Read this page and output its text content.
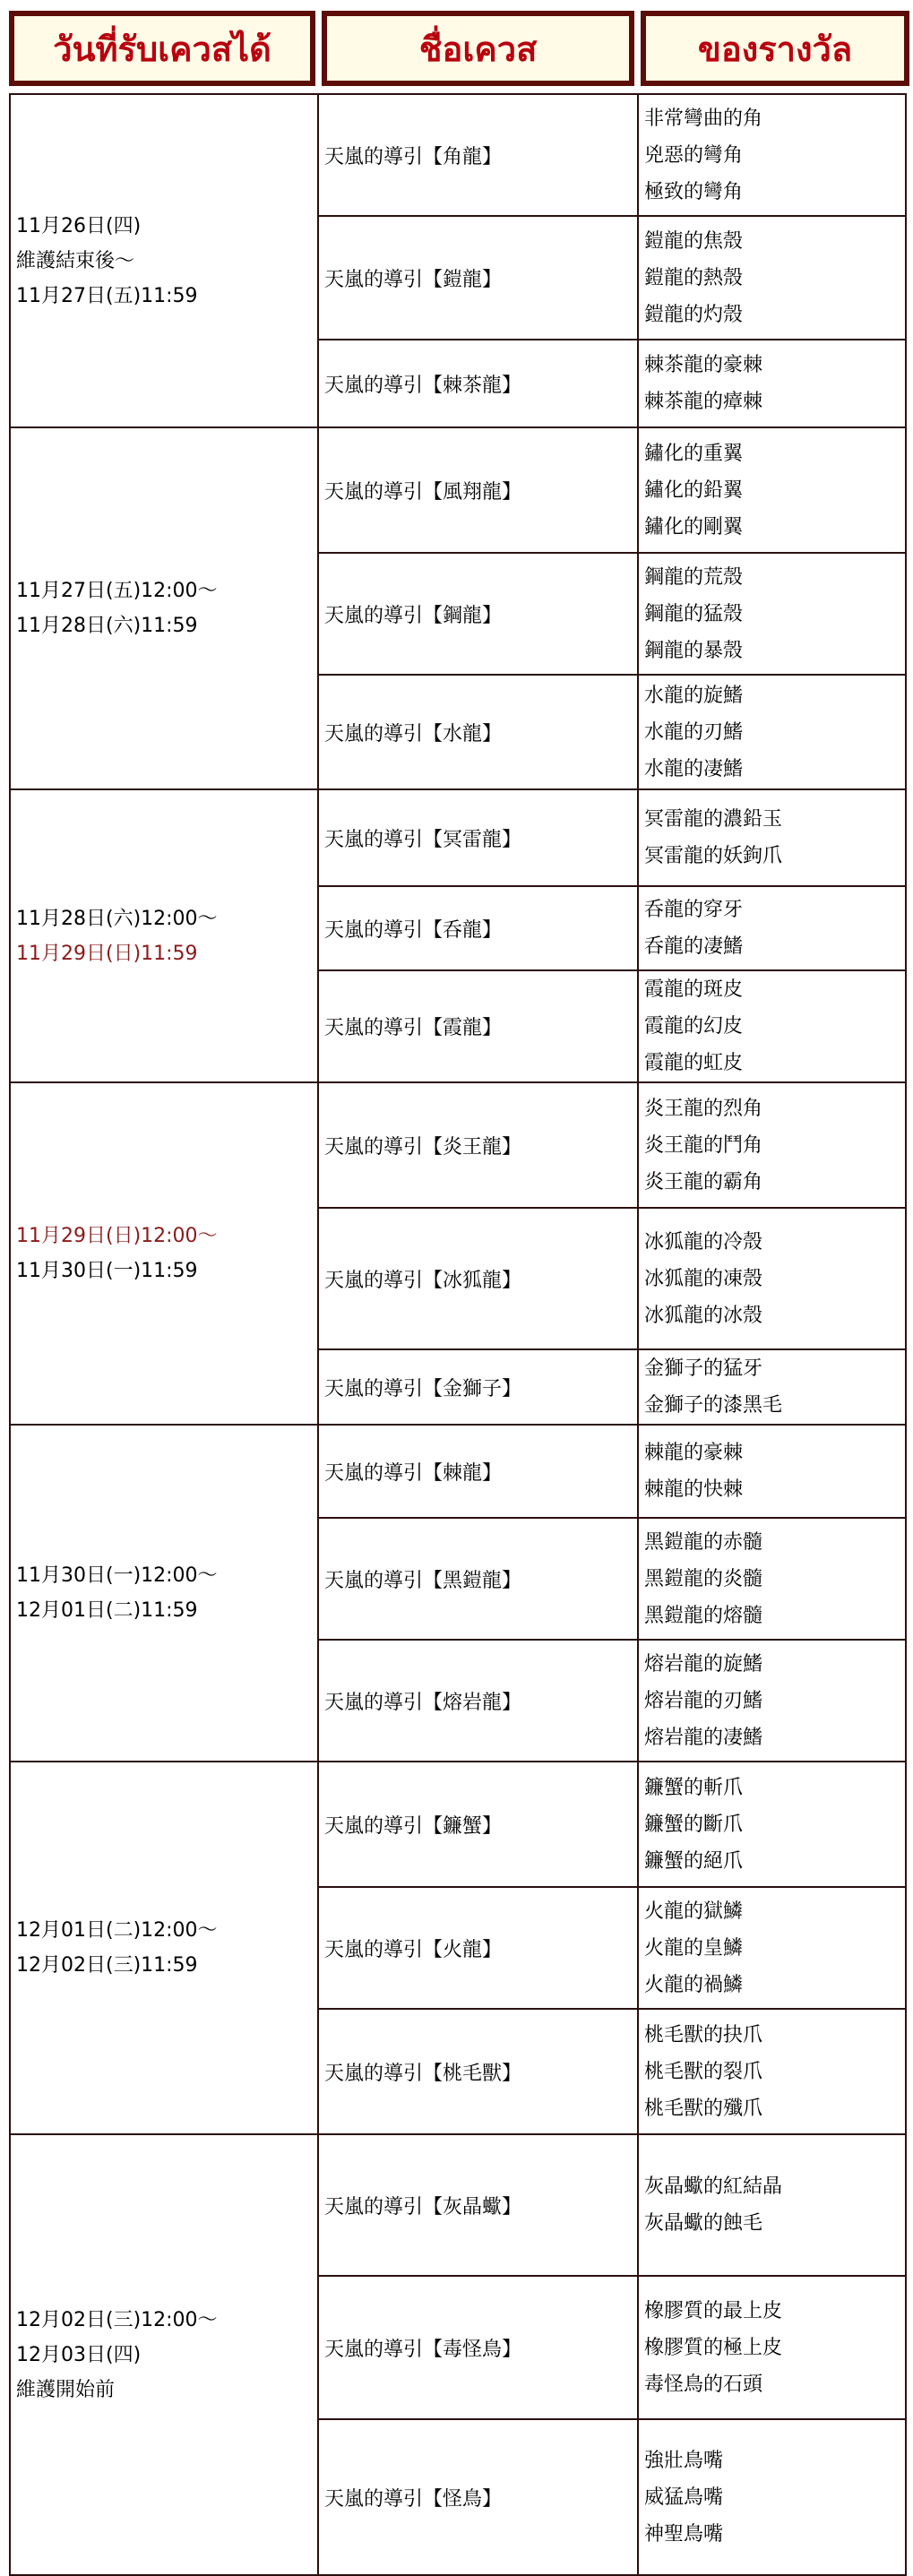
วันที่รับเควสได้	ชื่อเควส	ของรางวัล
11月26日(四)
維護結束後～
11月27日(五)11:59	天嵐的導引【角龍】	非常彎曲的角
兇惡的彎角
極致的彎角

	天嵐的導引【鎧龍】	鎧龍的焦殼
鎧龍的熱殼
鎧龍的灼殼

	天嵐的導引【棘茶龍】	棘茶龍的豪棘
棘茶龍的瘴棘

11月27日(五)12:00～
11月28日(六)11:59	天嵐的導引【風翔龍】	鏽化的重翼
鏽化的鉛翼
鏽化的剛翼

	天嵐的導引【鋼龍】	鋼龍的荒殼
鋼龍的猛殼
鋼龍的暴殼

	天嵐的導引【水龍】	水龍的旋鰭
水龍的刃鰭
水龍的凄鰭

11月28日(六)12:00～
11月29日(日)11:59	天嵐的導引【冥雷龍】	冥雷龍的濃鉛玉
冥雷龍的妖鉤爪

	天嵐的導引【呑龍】	呑龍的穿牙
呑龍的凄鰭

	天嵐的導引【霞龍】	霞龍的斑皮
霞龍的幻皮
霞龍的虹皮

11月29日(日)12:00～
11月30日(一)11:59	天嵐的導引【炎王龍】	炎王龍的烈角
炎王龍的鬥角
炎王龍的霸角

	天嵐的導引【冰狐龍】	冰狐龍的冷殼
冰狐龍的凍殼
冰狐龍的冰殼

	天嵐的導引【金獅子】	金獅子的猛牙
金獅子的漆黑毛

11月30日(一)12:00～
12月01日(二)11:59	天嵐的導引【棘龍】	棘龍的豪棘
棘龍的快棘

	天嵐的導引【黑鎧龍】	黑鎧龍的赤髓
黑鎧龍的炎髓
黑鎧龍的熔髓

	天嵐的導引【熔岩龍】	熔岩龍的旋鰭
熔岩龍的刃鰭
熔岩龍的凄鰭

12月01日(二)12:00～
12月02日(三)11:59	天嵐的導引【鐮蟹】	鐮蟹的斬爪
鐮蟹的斷爪
鐮蟹的絕爪

	天嵐的導引【火龍】	火龍的獄鱗
火龍的皇鱗
火龍的禍鱗

	天嵐的導引【桃毛獸】	桃毛獸的抉爪
桃毛獸的裂爪
桃毛獸的殲爪

12月02日(三)12:00～
12月03日(四)
維護開始前	天嵐的導引【灰晶蠍】	灰晶蠍的紅結晶
灰晶蠍的蝕毛

	天嵐的導引【毒怪鳥】	橡膠質的最上皮
橡膠質的極上皮
毒怪鳥的石頭

	天嵐的導引【怪鳥】	強壯鳥嘴
威猛鳥嘴
神聖鳥嘴
